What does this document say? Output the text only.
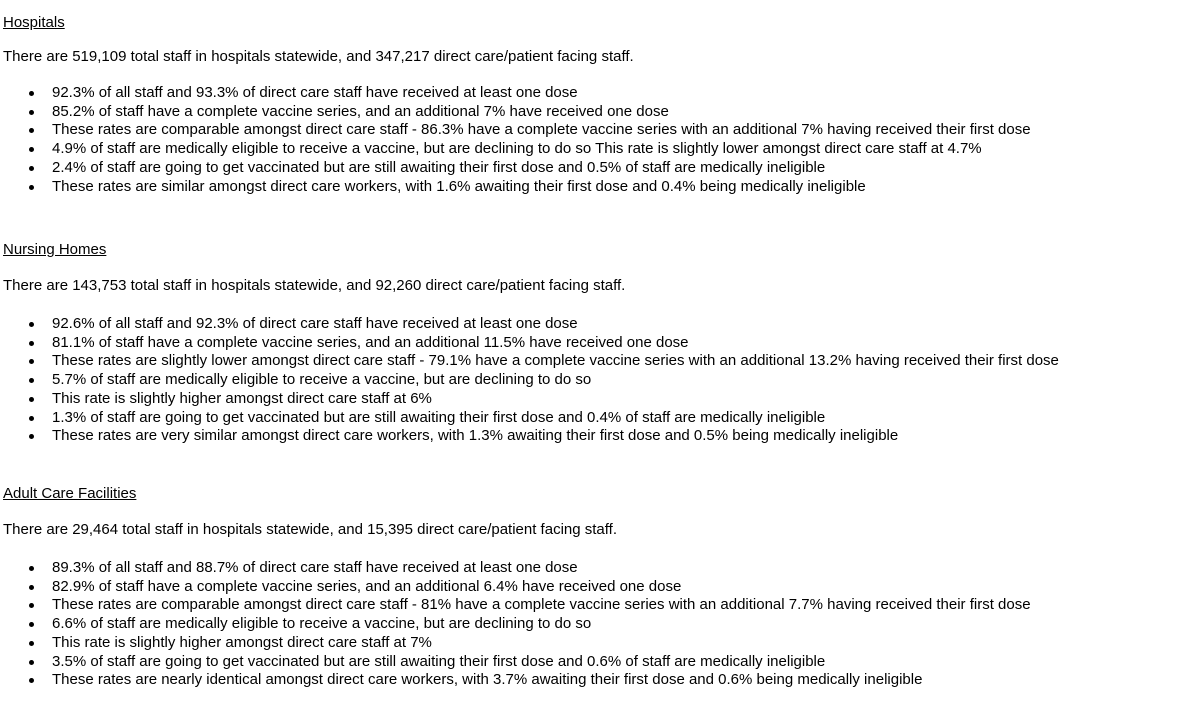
Hospitals

There are 519,109 total staff in hospitals statewide, and 347,217 direct care/patient facing staff.

92.3% of all staff and 93.3% of direct care staff have received at least one dose
85.2% of staff have a complete vaccine series, and an additional 7% have received one dose
These rates are comparable amongst direct care staff - 86.3% have a complete vaccine series with an additional 7% having received their first dose
4.9% of staff are medically eligible to receive a vaccine, but are declining to do so This rate is slightly lower amongst direct care staff at 4.7%
2.4% of staff are going to get vaccinated but are still awaiting their first dose and 0.5% of staff are medically ineligible
These rates are similar amongst direct care workers, with 1.6% awaiting their first dose and 0.4% being medically ineligible
Nursing Homes

There are 143,753 total staff in hospitals statewide, and 92,260 direct care/patient facing staff.

92.6% of all staff and 92.3% of direct care staff have received at least one dose
81.1% of staff have a complete vaccine series, and an additional 11.5% have received one dose
These rates are slightly lower amongst direct care staff - 79.1% have a complete vaccine series with an additional 13.2% having received their first dose
5.7% of staff are medically eligible to receive a vaccine, but are declining to do so
This rate is slightly higher amongst direct care staff at 6%
1.3% of staff are going to get vaccinated but are still awaiting their first dose and 0.4% of staff are medically ineligible
These rates are very similar amongst direct care workers, with 1.3% awaiting their first dose and 0.5% being medically ineligible
Adult Care Facilities

There are 29,464 total staff in hospitals statewide, and 15,395 direct care/patient facing staff.

89.3% of all staff and 88.7% of direct care staff have received at least one dose
82.9% of staff have a complete vaccine series, and an additional 6.4% have received one dose
These rates are comparable amongst direct care staff - 81% have a complete vaccine series with an additional 7.7% having received their first dose
6.6% of staff are medically eligible to receive a vaccine, but are declining to do so
This rate is slightly higher amongst direct care staff at 7%
3.5% of staff are going to get vaccinated but are still awaiting their first dose and 0.6% of staff are medically ineligible
These rates are nearly identical amongst direct care workers, with 3.7% awaiting their first dose and 0.6% being medically ineligible
